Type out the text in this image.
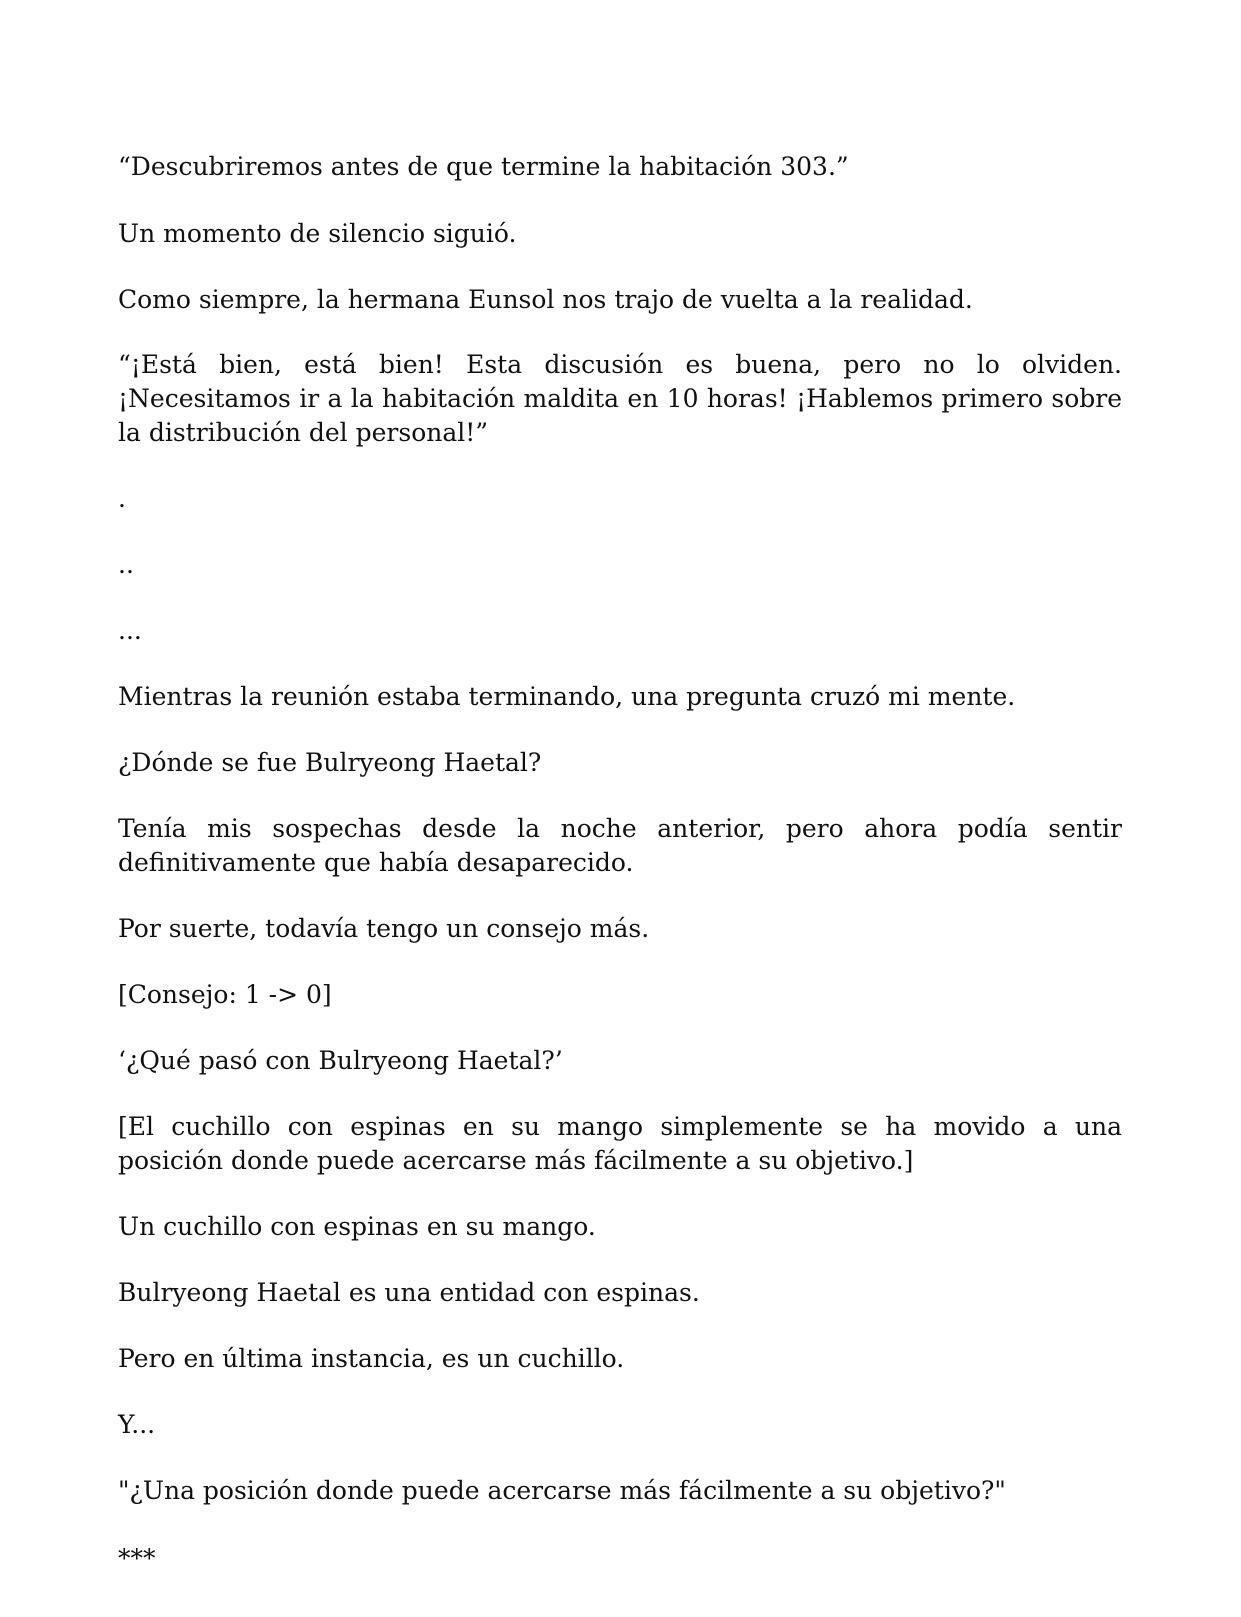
“Descubriremos antes de que termine la habitación 303.”
Un momento de silencio siguió.
Como siempre, la hermana Eunsol nos trajo de vuelta a la realidad.
“¡Está bien, está bien! Esta discusión es buena, pero no lo olviden. ¡Necesitamos ir a la habitación maldita en 10 horas! ¡Hablemos primero sobre la distribución del personal!”
.
..
...
Mientras la reunión estaba terminando, una pregunta cruzó mi mente.
¿Dónde se fue Bulryeong Haetal?
Tenía mis sospechas desde la noche anterior, pero ahora podía sentir definitivamente que había desaparecido.
Por suerte, todavía tengo un consejo más.
[Consejo: 1 -> 0]
‘¿Qué pasó con Bulryeong Haetal?’
[El cuchillo con espinas en su mango simplemente se ha movido a una posición donde puede acercarse más fácilmente a su objetivo.]
Un cuchillo con espinas en su mango.
Bulryeong Haetal es una entidad con espinas.
Pero en última instancia, es un cuchillo.
Y...
"¿Una posición donde puede acercarse más fácilmente a su objetivo?"
***
